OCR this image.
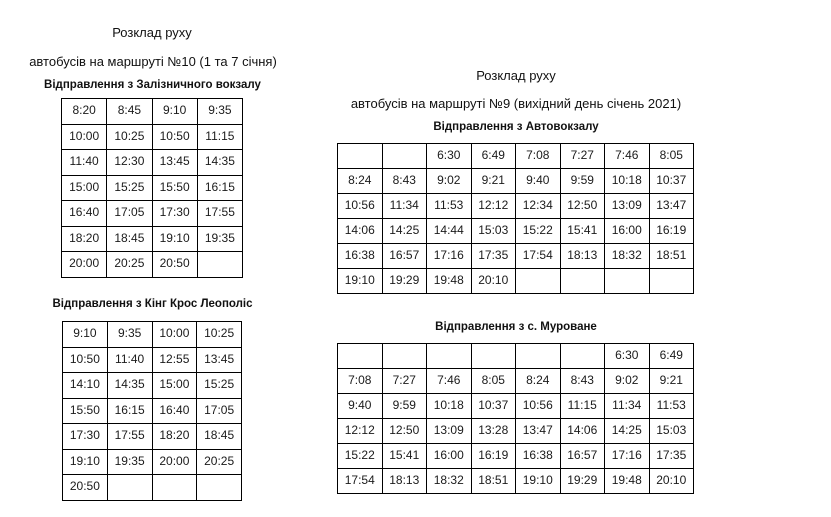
Розклад руху
автобусів на маршруті №10 (1 та 7 січня)
Відправлення з Залізничного вокзалу
8:20	8:45	9:10	9:35
10:00	10:25	10:50	11:15
11:40	12:30	13:45	14:35
15:00	15:25	15:50	16:15
16:40	17:05	17:30	17:55
18:20	18:45	19:10	19:35
20:00	20:25	20:50	
Відправлення з Кінг Крос Леополіс
9:10	9:35	10:00	10:25
10:50	11:40	12:55	13:45
14:10	14:35	15:00	15:25
15:50	16:15	16:40	17:05
17:30	17:55	18:20	18:45
19:10	19:35	20:00	20:25
20:50			
Розклад руху
автобусів на маршруті №9 (вихідний день січень 2021)
Відправлення з Автовокзалу
		6:30	6:49	7:08	7:27	7:46	8:05
8:24	8:43	9:02	9:21	9:40	9:59	10:18	10:37
10:56	11:34	11:53	12:12	12:34	12:50	13:09	13:47
14:06	14:25	14:44	15:03	15:22	15:41	16:00	16:19
16:38	16:57	17:16	17:35	17:54	18:13	18:32	18:51
19:10	19:29	19:48	20:10				
Відправлення з с. Муроване
						6:30	6:49
7:08	7:27	7:46	8:05	8:24	8:43	9:02	9:21
9:40	9:59	10:18	10:37	10:56	11:15	11:34	11:53
12:12	12:50	13:09	13:28	13:47	14:06	14:25	15:03
15:22	15:41	16:00	16:19	16:38	16:57	17:16	17:35
17:54	18:13	18:32	18:51	19:10	19:29	19:48	20:10
